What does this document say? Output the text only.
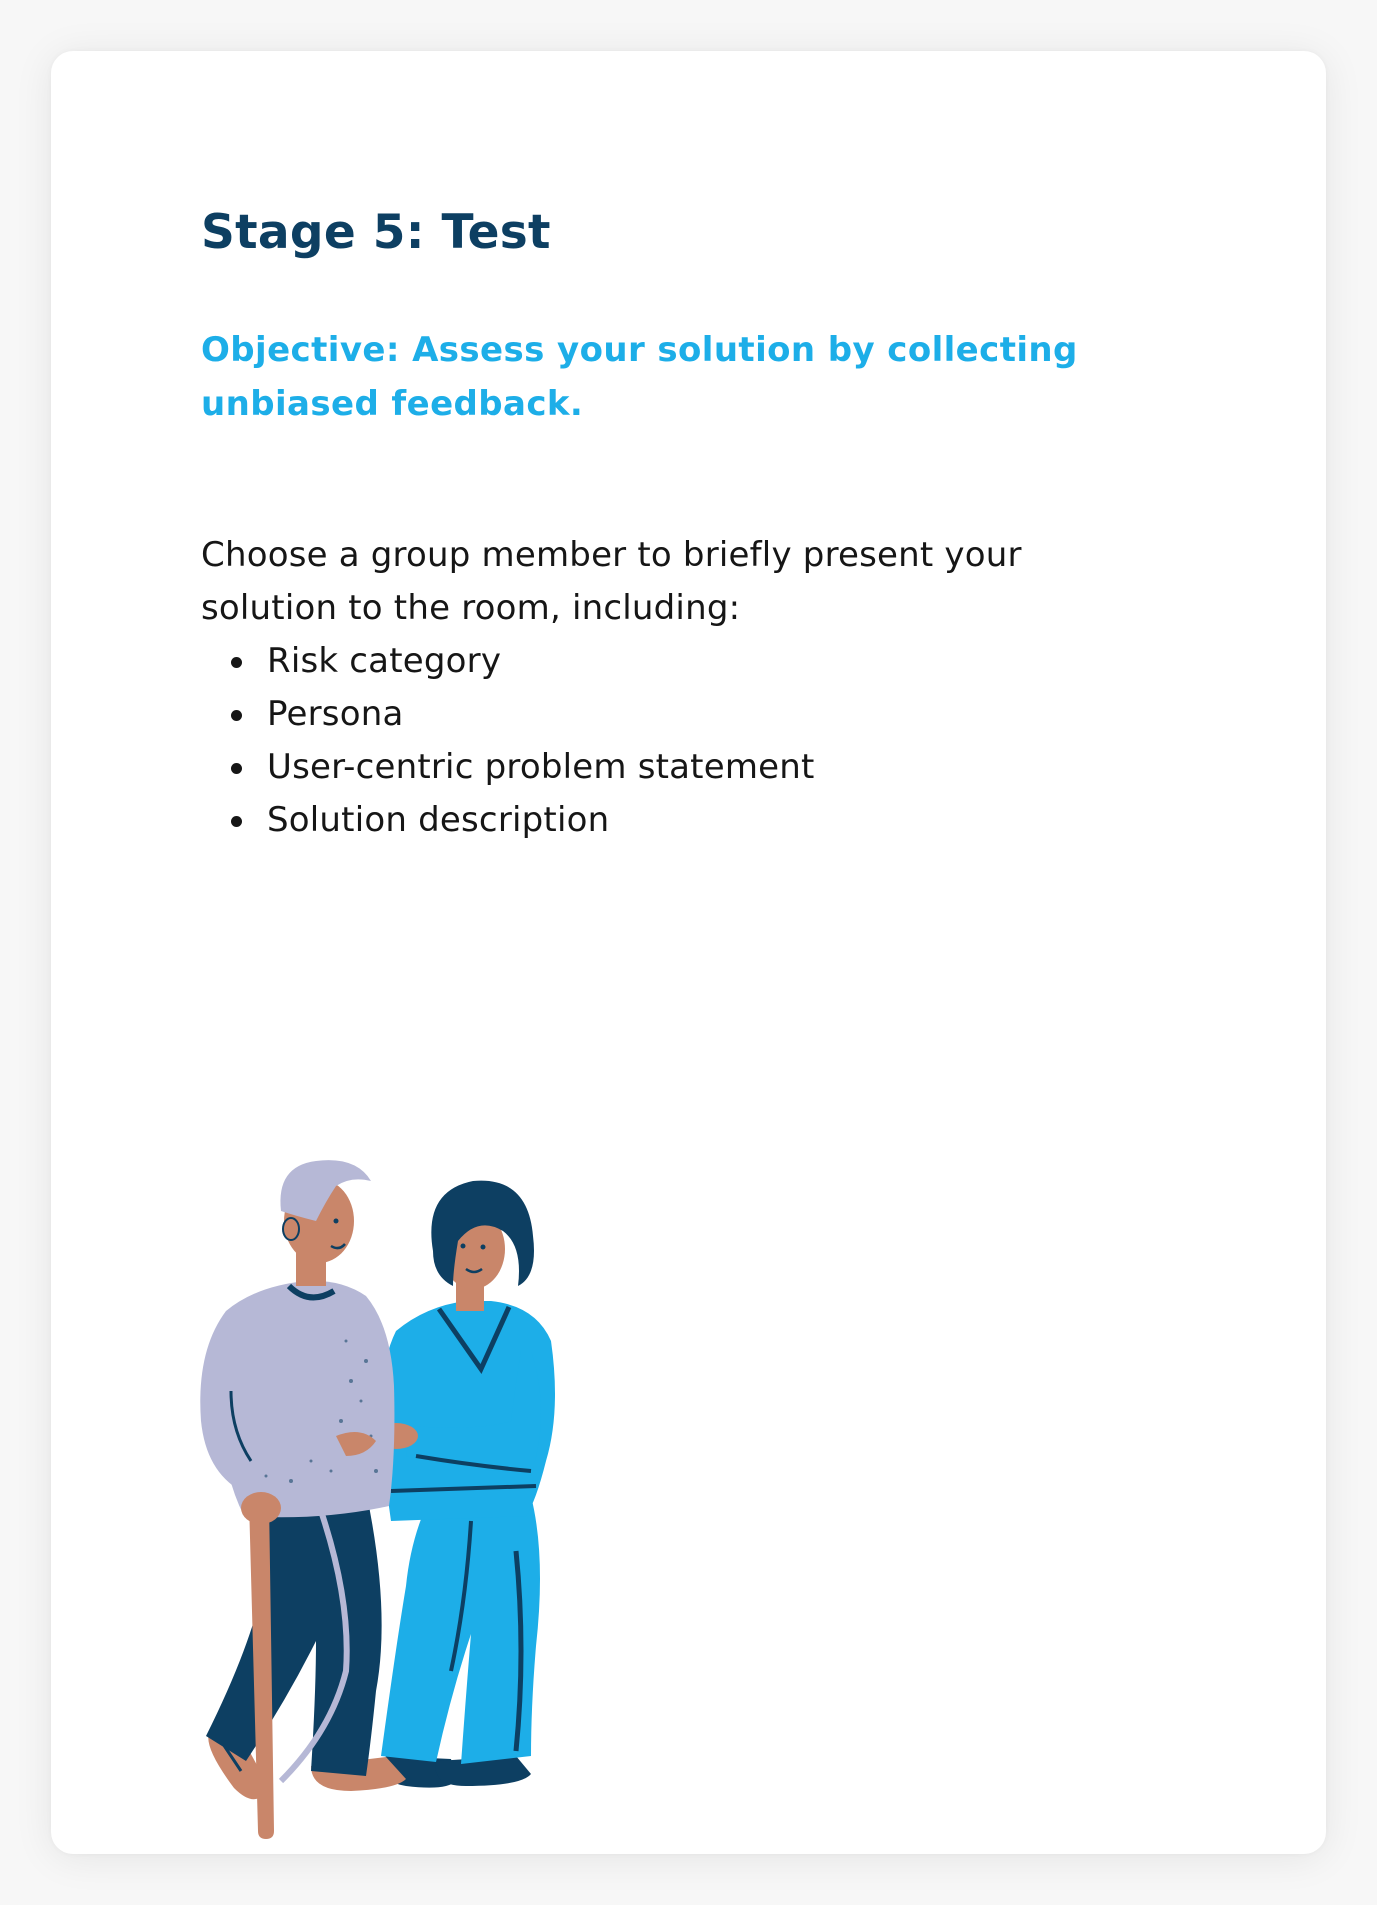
Stage 5: Test

Objective: Assess your solution by collecting unbiased feedback.

Choose a group member to briefly present your solution to the room, including:

Risk category
Persona
User-centric problem statement
Solution description
